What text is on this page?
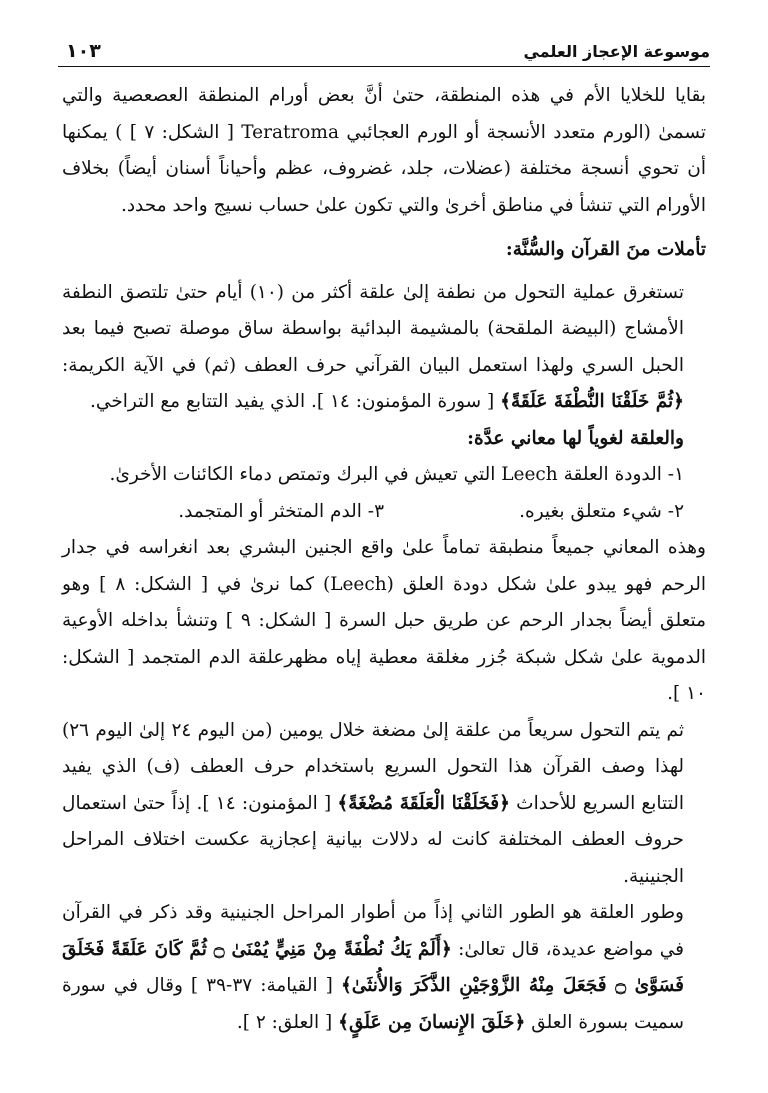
١٠٣	موسوعة الإعجاز العلمي

بقايا للخلايا الأم في هذه المنطقة، حتىٰ أنَّ بعض أورام المنطقة العصعصية والتي تسمىٰ (الورم متعدد الأنسجة أو الورم العجائبي Teratroma [ الشكل: ٧ ] ) يمكنها أن تحوي أنسجة مختلفة (عضلات، جلد، غضروف، عظم وأحياناً أسنان أيضاً) بخلاف الأورام التي تنشأ في مناطق أخرىٰ والتي تكون علىٰ حساب نسيج واحد محدد.

تأملات منَ القرآن والسُّنَّة:

تستغرق عملية التحول من نطفة إلىٰ علقة أكثر من (١٠) أيام حتىٰ تلتصق النطفة الأمشاج (البيضة الملقحة) بالمشيمة البدائية بواسطة ساق موصلة تصبح فيما بعد الحبل السري ولهذا استعمل البيان القرآني حرف العطف (ثم) في الآية الكريمة: ﴿ثُمَّ خَلَقْنَا النُّطْفَةَ عَلَقَةً﴾ [ سورة المؤمنون: ١٤ ]. الذي يفيد التتابع مع التراخي.

والعلقة لغوياً لها معاني عدَّة:

١- الدودة العلقة Leech التي تعيش في البرك وتمتص دماء الكائنات الأخرىٰ.

٢- شيء متعلق بغيره.
٣- الدم المتخثر أو المتجمد.

وهذه المعاني جميعاً منطبقة تماماً علىٰ واقع الجنين البشري بعد انغراسه في جدار الرحم فهو يبدو علىٰ شكل دودة العلق (Leech) كما نرىٰ في [ الشكل: ٨ ] وهو متعلق أيضاً بجدار الرحم عن طريق حبل السرة [ الشكل: ٩ ] وتنشأ بداخله الأوعية الدموية علىٰ شكل شبكة جُزر مغلقة معطية إياه مظهرعلقة الدم المتجمد [ الشكل: ١٠ ].

ثم يتم التحول سريعاً من علقة إلىٰ مضغة خلال يومين (من اليوم ٢٤ إلىٰ اليوم ٢٦) لهذا وصف القرآن هذا التحول السريع باستخدام حرف العطف (ف) الذي يفيد التتابع السريع للأحداث ﴿فَخَلَقْنَا الْعَلَقَةَ مُضْغَةً﴾ [ المؤمنون: ١٤ ]. إذاً حتىٰ استعمال حروف العطف المختلفة كانت له دلالات بيانية إعجازية عكست اختلاف المراحل الجنينية.

وطور العلقة هو الطور الثاني إذاً من أطوار المراحل الجنينية وقد ذكر في القرآن في مواضع عديدة، قال تعالىٰ: ﴿أَلَمْ يَكُ نُطْفَةً مِنْ مَنِيٍّ يُمْنَىٰ ۝ ثُمَّ كَانَ عَلَقَةً فَخَلَقَ فَسَوَّىٰ ۝ فَجَعَلَ مِنْهُ الزَّوْجَيْنِ الذَّكَرَ وَالأُنثَىٰ﴾ [ القيامة: ٣٧-٣٩ ] وقال في سورة سميت بسورة العلق ﴿خَلَقَ الإِنسانَ مِن عَلَقٍ﴾ [ العلق: ٢ ].
